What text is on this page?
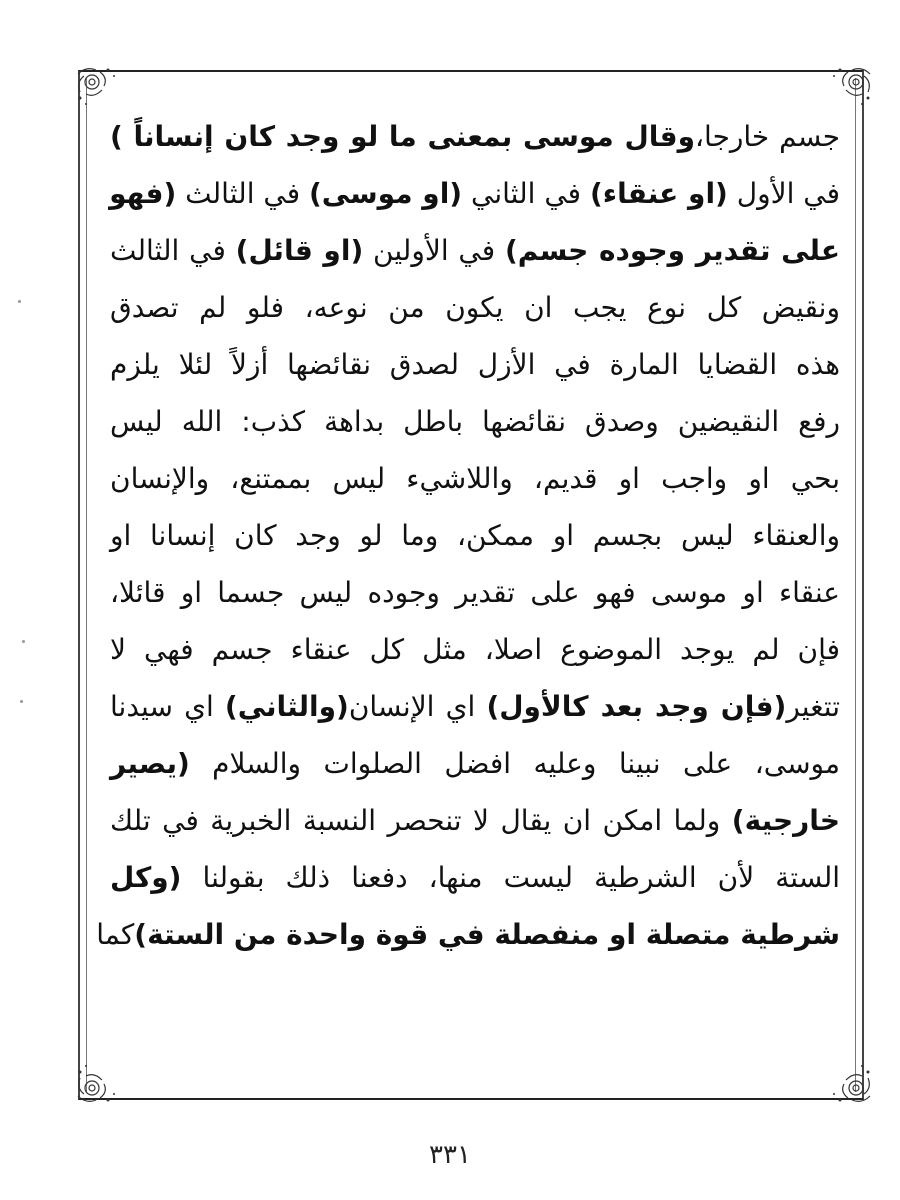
جسم خارجا،وقال موسى بمعنى ما لو وجد كان إنساناً )
في الأول (او عنقاء) في الثاني (او موسى) في الثالث (فهو
على تقدير وجوده جسم) في الأولين (او قائل) في الثالث
ونقيض كل نوع يجب ان يكون من نوعه، فلو لم تصدق
هذه القضايا المارة في الأزل لصدق نقائضها أزلاً لئلا يلزم
رفع النقيضين وصدق نقائضها باطل بداهة كذب: الله ليس
بحي او واجب او قديم، واللاشيء ليس بممتنع، والإنسان
والعنقاء ليس بجسم او ممكن، وما لو وجد كان إنسانا او
عنقاء او موسى فهو على تقدير وجوده ليس جسما او قائلا،
فإن لم يوجد الموضوع اصلا، مثل كل عنقاء جسم فهي لا
تتغير(فإن وجد بعد كالأول) اي الإنسان(والثاني) اي سيدنا
موسى، على نبينا وعليه افضل الصلوات والسلام (يصير
خارجية) ولما امكن ان يقال لا تنحصر النسبة الخبرية في تلك
الستة لأن الشرطية ليست منها، دفعنا ذلك بقولنا (وكل
شرطية متصلة او منفصلة في قوة واحدة من الستة)كما
٣٣١
